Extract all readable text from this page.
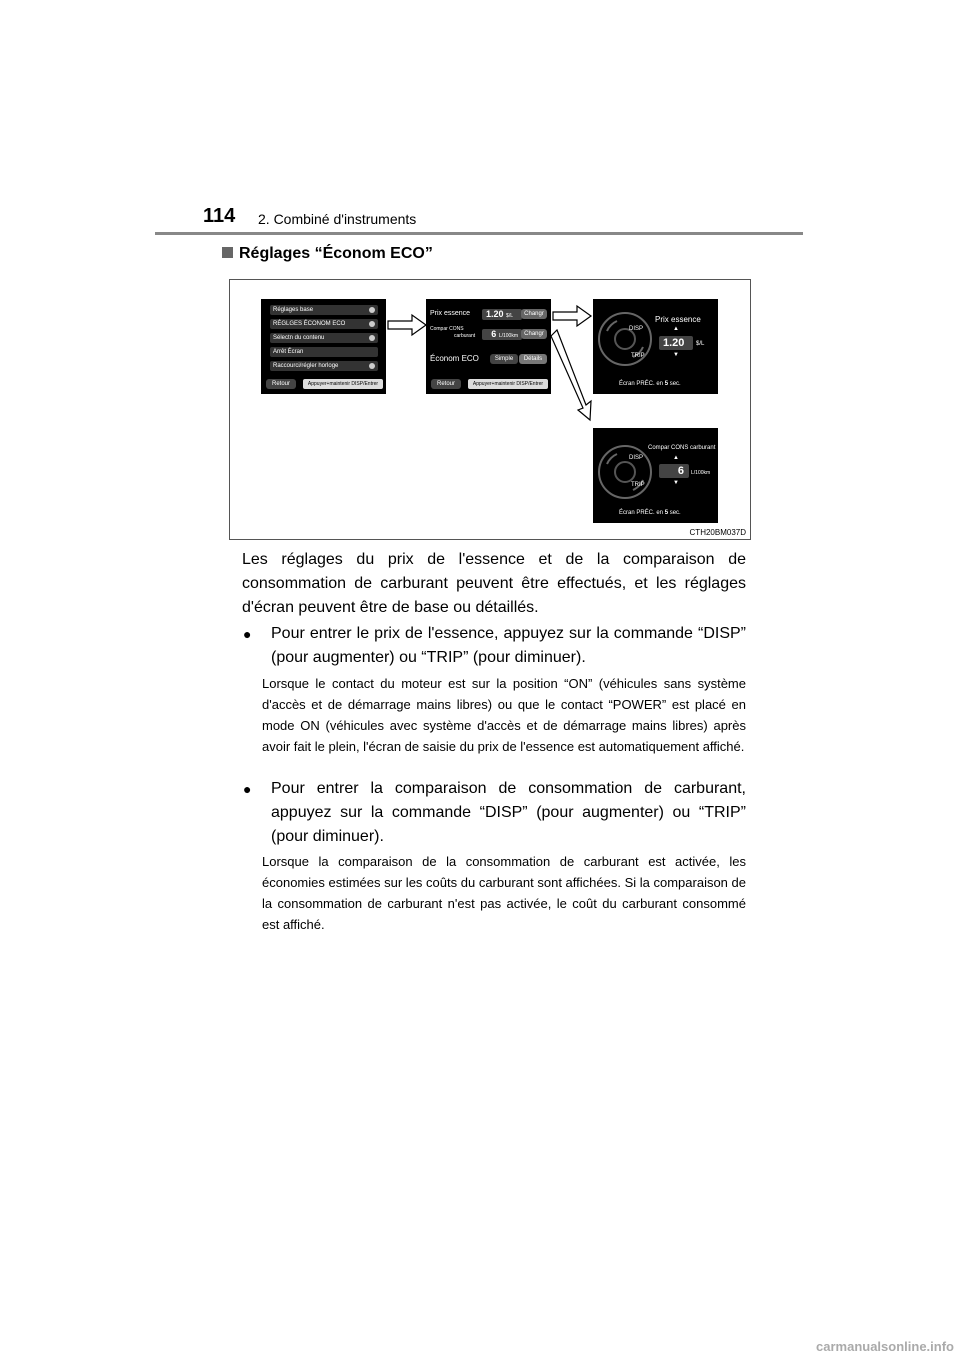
114 2. Combiné d'instruments
Réglages “Économ ECO”
Réglages base
RÉGLGES ÉCONOM ECO
Sélectn du contenu
Arrêt Écran
Raccourci/régler horloge
Retour	Appuyer+maintenir DISP/Entrer
Prix essence	1.20 $/L	Changr
Compar CONS
carburant	6 L/100km	Changr
Économ ECO	Simple	Détails
Retour	Appuyer+maintenir DISP/Entrer
DISP
TRIP
Prix essence
▲
1.20	$/L
▼
Écran PRÉC. en 5 sec.
DISP
TRIP
Compar CONS carburant
▲
6	L/100km
▼
Écran PRÉC. en 5 sec.
CTH20BM037D
Les réglages du prix de l'essence et de la comparaison de consommation de carburant peuvent être effectués, et les réglages d'écran peuvent être de base ou détaillés.
● Pour entrer le prix de l'essence, appuyez sur la commande “DISP” (pour augmenter) ou “TRIP” (pour diminuer).
Lorsque le contact du moteur est sur la position “ON” (véhicules sans système d'accès et de démarrage mains libres) ou que le contact “POWER” est placé en mode ON (véhicules avec système d'accès et de démarrage mains libres) après avoir fait le plein, l'écran de saisie du prix de l'essence est automatiquement affiché.
● Pour entrer la comparaison de consommation de carburant, appuyez sur la commande “DISP” (pour augmenter) ou “TRIP” (pour diminuer).
Lorsque la comparaison de la consommation de carburant est activée, les économies estimées sur les coûts du carburant sont affichées. Si la comparaison de la consommation de carburant n'est pas activée, le coût du carburant consommé est affiché.
carmanualsonline.info
